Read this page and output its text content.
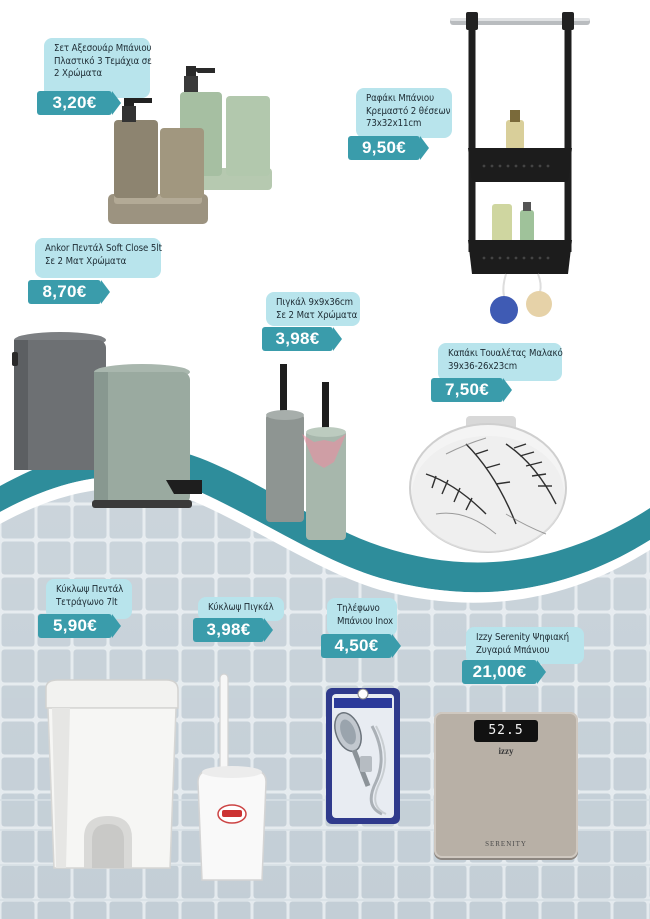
Σετ Αξεσουάρ Μπάνιου
Πλαστικό 3 Τεμάχια σε
2 Χρώματα
3,20€	Ραφάκι Μπάνιου
Κρεμαστό 2 θέσεων
73x32x11cm
9,50€
Ankor Πεντάλ Soft Close 5lt
Σε 2 Ματ Χρώματα
8,70€
Πιγκάλ 9x9x36cm
Σε 2 Ματ Χρώματα
3,98€
Καπάκι Τουαλέτας Μαλακό
39x36-26x23cm
7,50€
Κύκλωψ Πεντάλ
Τετράγωνο 7lt
5,90€
Κύκλωψ Πιγκάλ
3,98€
Τηλέφωνο
Μπάνιου Inox
4,50€
52.5
izzy
SERENITY
Izzy Serenity Ψηφιακή
Ζυγαριά Μπάνιου
21,00€
